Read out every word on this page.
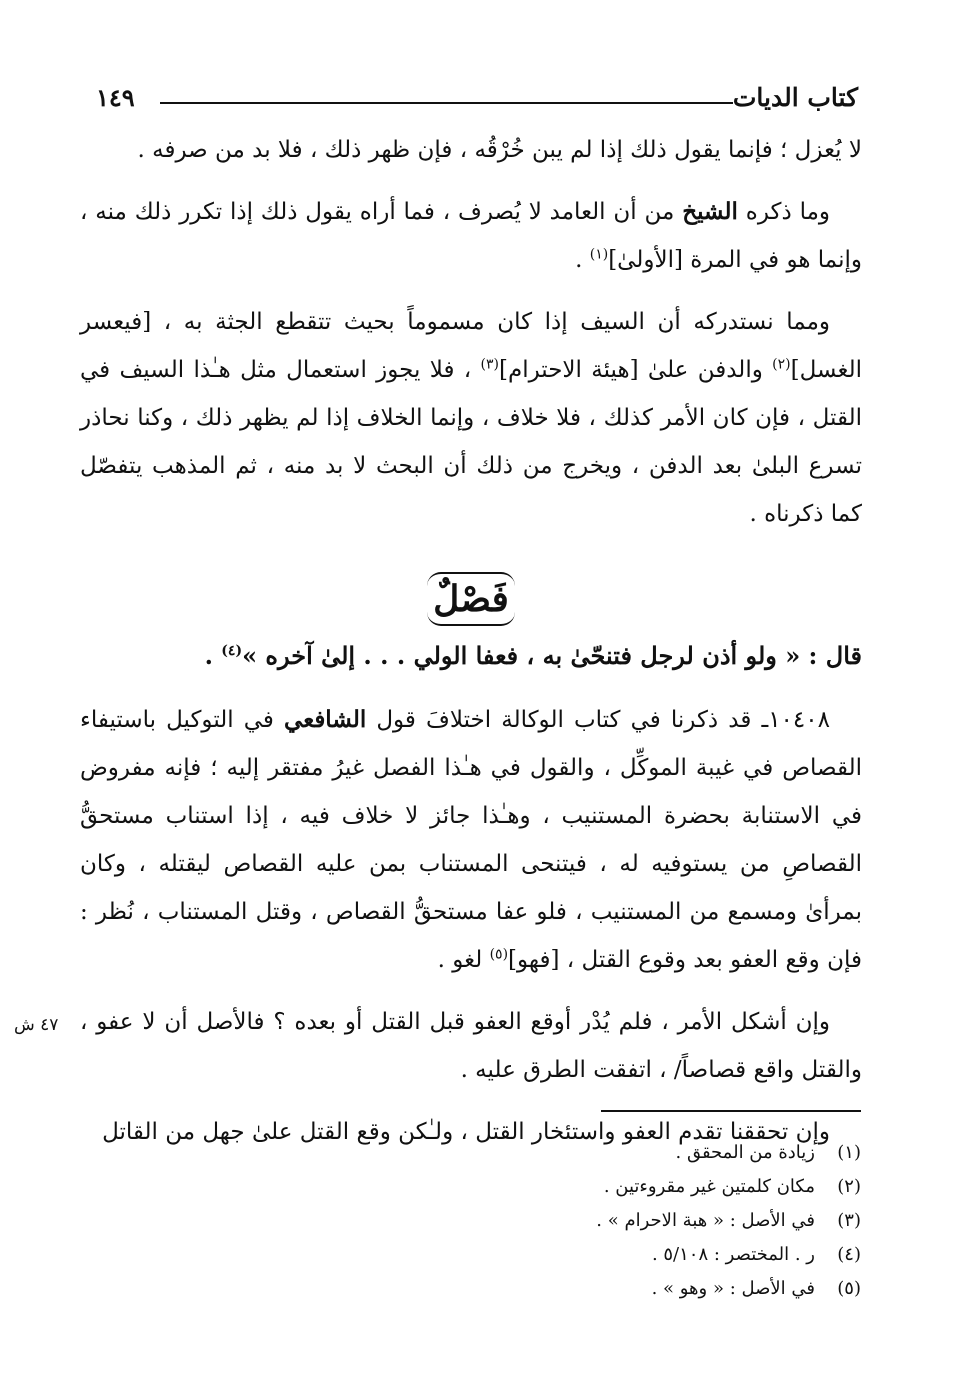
كتاب الديات
١٤٩

لا يُعزل ؛ فإنما يقول ذلك إذا لم يبن خُرْقُه ، فإن ظهر ذلك ، فلا بد من صرفه .

وما ذكره الشيخ من أن العامد لا يُصرف ، فما أراه يقول ذلك إذا تكرر ذلك منه ، وإنما هو في المرة [الأولىٰ]$^{(١)}$ .

ومما نستدركه أن السيف إذا كان مسموماً بحيث تتقطع الجثة به ، [فيعسر الغسل]$^{(٢)}$ والدفن علىٰ [هيئة الاحترام]$^{(٣)}$ ، فلا يجوز استعمال مثل هـٰذا السيف في القتل ، فإن كان الأمر كذلك ، فلا خلاف ، وإنما الخلاف إذا لم يظهر ذلك ، وكنا نحاذر تسرع البلىٰ بعد الدفن ، ويخرج من ذلك أن البحث لا بد منه ، ثم المذهب يتفصّل كما ذكرناه .

فَصْلٌ

قال : « ولو أذن لرجل فتنحّىٰ به ، فعفا الولي . . . إلىٰ آخره »$^{(٤)}$ .

١٠٤٠٨ـ قد ذكرنا في كتاب الوكالة اختلافَ قول الشافعي في التوكيل باستيفاء القصاص في غيبة الموكِّل ، والقول في هـٰذا الفصل غيرُ مفتقر إليه ؛ فإنه مفروض في الاستنابة بحضرة المستنيب ، وهـٰذا جائز لا خلاف فيه ، إذا استناب مستحقُّ القصاصِ من يستوفيه له ، فيتنحى المستناب بمن عليه القصاص ليقتله ، وكان بمرأىٰ ومسمع من المستنيب ، فلو عفا مستحقُّ القصاص ، وقتل المستناب ، نُظر : فإن وقع العفو بعد وقوع القتل ، [فهو]$^{(٥)}$ لغو .

وإن أشكل الأمر ، فلم يُدْر أوقع العفو قبل القتل أو بعده ؟ فالأصل أن لا عفو ، والقتل واقع قصاصاً/ ، اتفقت الطرق عليه .

وإن تحققنا تقدم العفو واستئخار القتل ، ولـٰكن وقع القتل علىٰ جهل من القاتل

٤٧ ش
(١)
زيادة من المحقق .
(٢)
مكان كلمتين غير مقروءتين .
(٣)
في الأصل : « هبة الاحرام » .
(٤)
ر . المختصر : ٥/١٠٨ .
(٥)
في الأصل : « وهو » .
